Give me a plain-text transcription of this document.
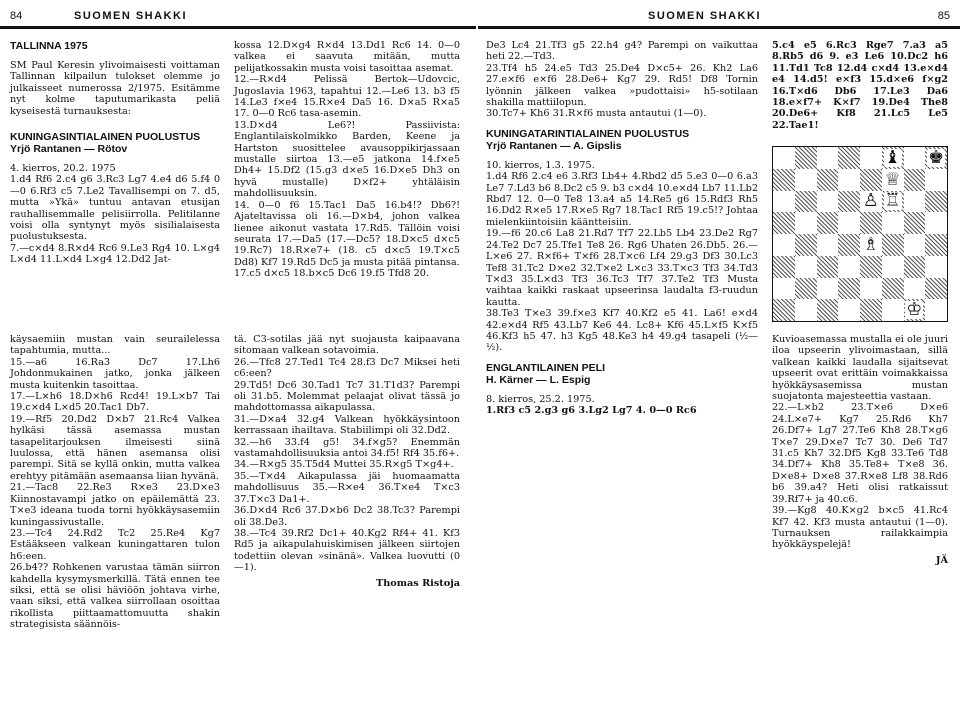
84	SUOMEN SHAKKI

TALLINNA 1975

SM Paul Keresin ylivoimaisesti voittaman Tallinnan kilpailun tulokset olemme jo julkaisseet numerossa 2/1975. Esitämme nyt kolme taputumarikasta peliä kyseisestä turnauksesta:

KUNINGASINTIALAINEN PUOLUSTUS

Yrjö Rantanen — Rötov

4. kierros, 20.2. 1975

1.d4 Rf6 2.c4 g6 3.Rc3 Lg7 4.e4 d6 5.f4 0—0 6.Rf3 c5 7.Le2 Tavallisempi on 7. d5, mutta »Ykä» tuntuu antavan etusijan rauhallisemmalle pelisiirrolla. Pelitilanne voisi olla syntynyt myös sisilialaisesta puolustuksesta.

7.—c×d4 8.R×d4 Rc6 9.Le3 Rg4 10. L×g4 L×d4 11.L×d4 L×g4 12.Dd2 Jat-

kossa 12.D×g4 R×d4 13.Dd1 Rc6 14. 0—0 valkea ei saavuta mitään, mutta pelijatkossakin musta voisi tasoittaa asemat.

12.—R×d4 Pelissä Bertok—Udovcic, Jugoslavia 1963, tapahtui 12.—Le6 13. b3 f5 14.Le3 f×e4 15.R×e4 Da5 16. D×a5 R×a5 17. 0—0 Rc6 tasa-asemin.

13.D×d4 Le6?! Passiivista: Englantilaiskolmikko Barden, Keene ja Hartston suosittelee avausoppikirjassaan mustalle siirtoa 13.—e5 jatkona 14.f×e5 Dh4+ 15.Df2 (15.g3 d×e5 16.D×e5 Dh3 on hyvä mustalle) D×f2+ yhtäläisin mahdollisuuksin.

14. 0—0 f6 15.Tac1 Da5 16.b4!? Db6?! Ajateltavissa oli 16.—D×b4, johon valkea lienee aikonut vastata 17.Rd5. Tällöin voisi seurata 17.—Da5 (17.—Dc5? 18.D×c5 d×c5 19.Rc7) 18.R×e7+ (18. c5 d×c5 19.T×c5 Dd8) Kf7 19.Rd5 Dc5 ja musta pitää pintansa.

17.c5 d×c5 18.b×c5 Dc6 19.f5 Tfd8 20.

käysaemiin mustan vain seurailelessa tapahtumia, mutta...

15.—a6 16.Ra3 Dc7 17.Lh6 Johdonmukainen jatko, jonka jälkeen musta kuitenkin tasoittaa.

17.—L×h6 18.D×h6 Rcd4! 19.L×b7 Tai 19.c×d4 L×d5 20.Tac1 Db7.

19.—Rf5 20.Dd2 D×b7 21.Rc4 Valkea hylkäsi tässä asemassa mustan tasapelitarjouksen ilmeisesti siinä luulossa, että hänen asemansa olisi parempi. Sitä se kyllä onkin, mutta valkea erehtyy pitämään asemaansa liian hyvänä.

21.—Tac8 22.Re3 R×e3 23.D×e3 Kiinnostavampi jatko on epäilemättä 23. T×e3 ideana tuoda torni hyökkäysasemiin kuningassivustalle.

23.—Tc4 24.Rd2 Tc2 25.Re4 Kg7 Estääkseen valkean kuningattaren tulon h6:een.

26.b4?? Rohkenen varustaa tämän siirron kahdella kysymysmerkillä. Tätä ennen tee siksi, että se olisi häviöön johtava virhe, vaan siksi, että valkea siirrollaan osoittaa rikollista piittaamattomuutta shakin strategisista säännöis-

tä. C3-sotilas jää nyt suojausta kaipaavana sitomaan valkean sotavoimia.

26.—Tfc8 27.Ted1 Tc4 28.f3 Dc7 Miksei heti c6:een?

29.Td5! Dc6 30.Tad1 Tc7 31.T1d3? Parempi oli 31.b5. Molemmat pelaajat olivat tässä jo mahdottomassa aikapulassa.

31.—D×a4 32.g4 Valkean hyökkäysintoon kerrassaan ihailtava. Stabiilimpi oli 32.Dd2.

32.—h6 33.f4 g5! 34.f×g5? Enemmän vastamahdollisuuksia antoi 34.f5! Rf4 35.f6+.

34.—R×g5 35.T5d4 Muttei 35.R×g5 T×g4+.

35.—T×d4 Aikapulassa jäi huomaamatta mahdollisuus 35.—R×e4 36.T×e4 T×c3 37.T×c3 Da1+.

36.D×d4 Rc6 37.D×b6 Dc2 38.Tc3? Parempi oli 38.De3.

38.—Tc4 39.Rf2 Dc1+ 40.Kg2 Rf4+ 41. Kf3 Rd5 ja aikapulahuiskimisen jälkeen siirtojen todettiin olevan »sinänä». Valkea luovutti (0—1).

Thomas Ristoja

SUOMEN SHAKKI	85

De3 Lc4 21.Tf3 g5 22.h4 g4? Parempi on vaikuttaa heti 22.—Td3.

23.Tf4 h5 24.e5 Td3 25.De4 D×c5+ 26. Kh2 La6 27.e×f6 e×f6 28.De6+ Kg7 29. Rd5! Df8 Tornin lyönnin jälkeen valkea »pudottaisi» h5-sotilaan shakilla mattiilopun.

30.Tc7+ Kh6 31.R×f6 musta antautui (1—0).

KUNINGATARINTIALAINEN PUOLUSTUS

Yrjö Rantanen — A. Gipslis

10. kierros, 1.3. 1975.

1.d4 Rf6 2.c4 e6 3.Rf3 Lb4+ 4.Rbd2 d5 5.e3 0—0 6.a3 Le7 7.Ld3 b6 8.Dc2 c5 9. b3 c×d4 10.e×d4 Lb7 11.Lb2 Rbd7 12. 0—0 Te8 13.a4 a5 14.Re5 g6 15.Rdf3 Rh5 16.Dd2 R×e5 17.R×e5 Rg7 18.Tac1 Rf5 19.c5!? Johtaa mielenkiintoisiin kääntteisiin.

19.—f6 20.c6 La8 21.Rd7 Tf7 22.Lb5 Lb4 23.De2 Rg7 24.Te2 Dc7 25.Tfe1 Te8 26. Rg6 Uhaten 26.Db5. 26.—L×e6 27. R×f6+ T×f6 28.T×c6 Lf4 29.g3 Df3 30.Lc3 Tef8 31.Tc2 D×e2 32.T×e2 L×c3 33.T×c3 Tf3 34.Td3 T×d3 35.L×d3 Tf3 36.Tc3 Tf7 37.Te2 Tf3 Musta vaihtaa kaikki raskaat upseerinsa laudalta f3-ruudun kautta.

38.Te3 T×e3 39.f×e3 Kf7 40.Kf2 e5 41. La6! e×d4 42.e×d4 Rf5 43.Lb7 Ke6 44. Lc8+ Kf6 45.L×f5 K×f5 46.Kf3 h5 47. h3 Kg5 48.Ke3 h4 49.g4 tasapeli (½—½).

ENGLANTILAINEN PELI

H. Kärner — L. Espig

8. kierros, 25.2. 1975.

1.Rf3 c5 2.g3 g6 3.Lg2 Lg7 4. 0—0 Rc6

5.c4 e5 6.Rc3 Rge7 7.a3 a5 8.Rb5 d6 9. e3 Le6 10.Dc2 h6 11.Td1 Tc8 12.d4 c×d4 13.e×d4 e4 14.d5! e×f3 15.d×e6 f×g2 16.T×d6 Db6 17.Le3 Da6 18.e×f7+ K×f7 19.De4 The8 20.De6+ Kf8 21.Lc5 Le5 22.Tae1!

Kuvioasemassa mustalla ei ole juuri iloa upseerin ylivoimastaan, sillä valkean kaikki laudalla sijaitsevat upseerit ovat erittäin voimakkaissa hyökkäysasemissa mustan suojatonta majesteettia vastaan.

22.—L×b2 23.T×e6 D×e6 24.L×e7+ Kg7 25.Rd6 Kh7 26.Df7+ Lg7 27.Te6 Kh8 28.T×g6 T×e7 29.D×e7 Tc7 30. De6 Td7 31.c5 Kh7 32.Df5 Kg8 33.Te6 Td8 34.Df7+ Kh8 35.Te8+ T×e8 36. D×e8+ D×e8 37.R×e8 Lf8 38.Rd6 b6 39.a4? Heti olisi ratkaissut 39.Rf7+ ja 40.c6.

39.—Kg8 40.K×g2 b×c5 41.Rc4 Kf7 42. Kf3 musta antautui (1—0). Turnauksen railakkaimpia hyökkäyspelejä!

JÄ

♝ ♚
♕
♙ ♖
♗
♔
